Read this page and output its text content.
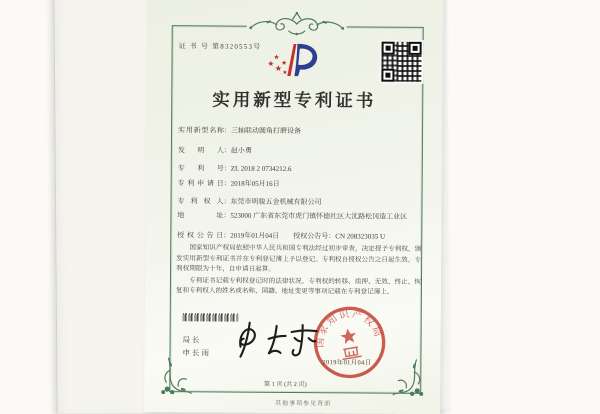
证 书 号 第8320553号
实用新型专利证书
实用新型名称 ： 三轴联动圆角打磨设备
发明人 ： 赵小勇
专利号 ： ZL 2018 2 0734212.6
专利申请日 ： 2018年05月16日
专利权人 ： 东莞市明骏五金机械有限公司
地址 ： 523000 广东省东莞市虎门镇怀德社区大沋路松冈造工业区
授权公告日 ： 2019年01月04日 授权公告号 ： CN 208323035 U

国家知识产权局依照中华人民共和国专利法经过初步审查，决定授予专利权，颁发实用新型专利证书并在专利登记簿上予以登记。专利权自授权公告之日起生效。专利权期限为十年，自申请日起算。

专利证书记载专利权登记时的法律状况。专利权的转移、质押、无效、终止、恢复和专利权人的姓名或名称、国籍、地址变更等事项记载在专利登记簿上。

局长
申长雨
国家知识产权局
2019年01月04日
第 1 页 (共 2 页)
其他事项参见背面
